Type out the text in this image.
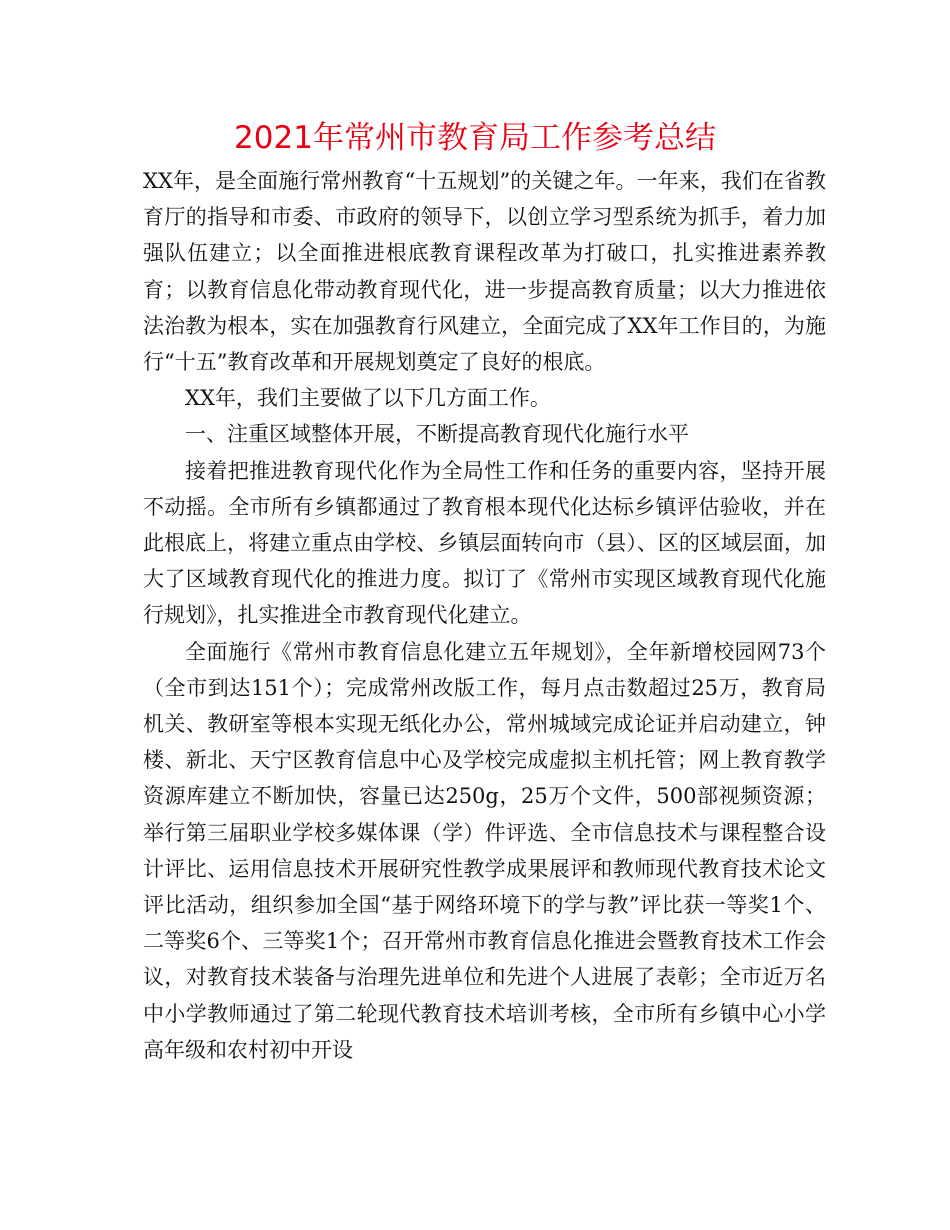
2021年常州市教育局工作参考总结

XX年，是全面施行常州教育“十五规划”的关键之年。一年来，我们在省教育厅的指导和市委、市政府的领导下，以创立学习型系统为抓手，着力加强队伍建立；以全面推进根底教育课程改革为打破口，扎实推进素养教育；以教育信息化带动教育现代化，进一步提高教育质量；以大力推进依法治教为根本，实在加强教育行风建立，全面完成了XX年工作目的，为施行“十五”教育改革和开展规划奠定了良好的根底。

XX年，我们主要做了以下几方面工作。

一、注重区域整体开展，不断提高教育现代化施行水平

接着把推进教育现代化作为全局性工作和任务的重要内容，坚持开展不动摇。全市所有乡镇都通过了教育根本现代化达标乡镇评估验收，并在此根底上，将建立重点由学校、乡镇层面转向市（县）、区的区域层面，加大了区域教育现代化的推进力度。拟订了《常州市实现区域教育现代化施行规划》，扎实推进全市教育现代化建立。

全面施行《常州市教育信息化建立五年规划》，全年新增校园网73个（全市到达151个）；完成常州改版工作，每月点击数超过25万，教育局机关、教研室等根本实现无纸化办公，常州城域完成论证并启动建立，钟楼、新北、天宁区教育信息中心及学校完成虚拟主机托管；网上教育教学资源库建立不断加快，容量已达250g，25万个文件，500部视频资源；举行第三届职业学校多媒体课（学）件评选、全市信息技术与课程整合设计评比、运用信息技术开展研究性教学成果展评和教师现代教育技术论文评比活动，组织参加全国“基于网络环境下的学与教”评比获一等奖1个、二等奖6个、三等奖1个；召开常州市教育信息化推进会暨教育技术工作会议，对教育技术装备与治理先进单位和先进个人进展了表彰；全市近万名中小学教师通过了第二轮现代教育技术培训考核，全市所有乡镇中心小学高年级和农村初中开设
